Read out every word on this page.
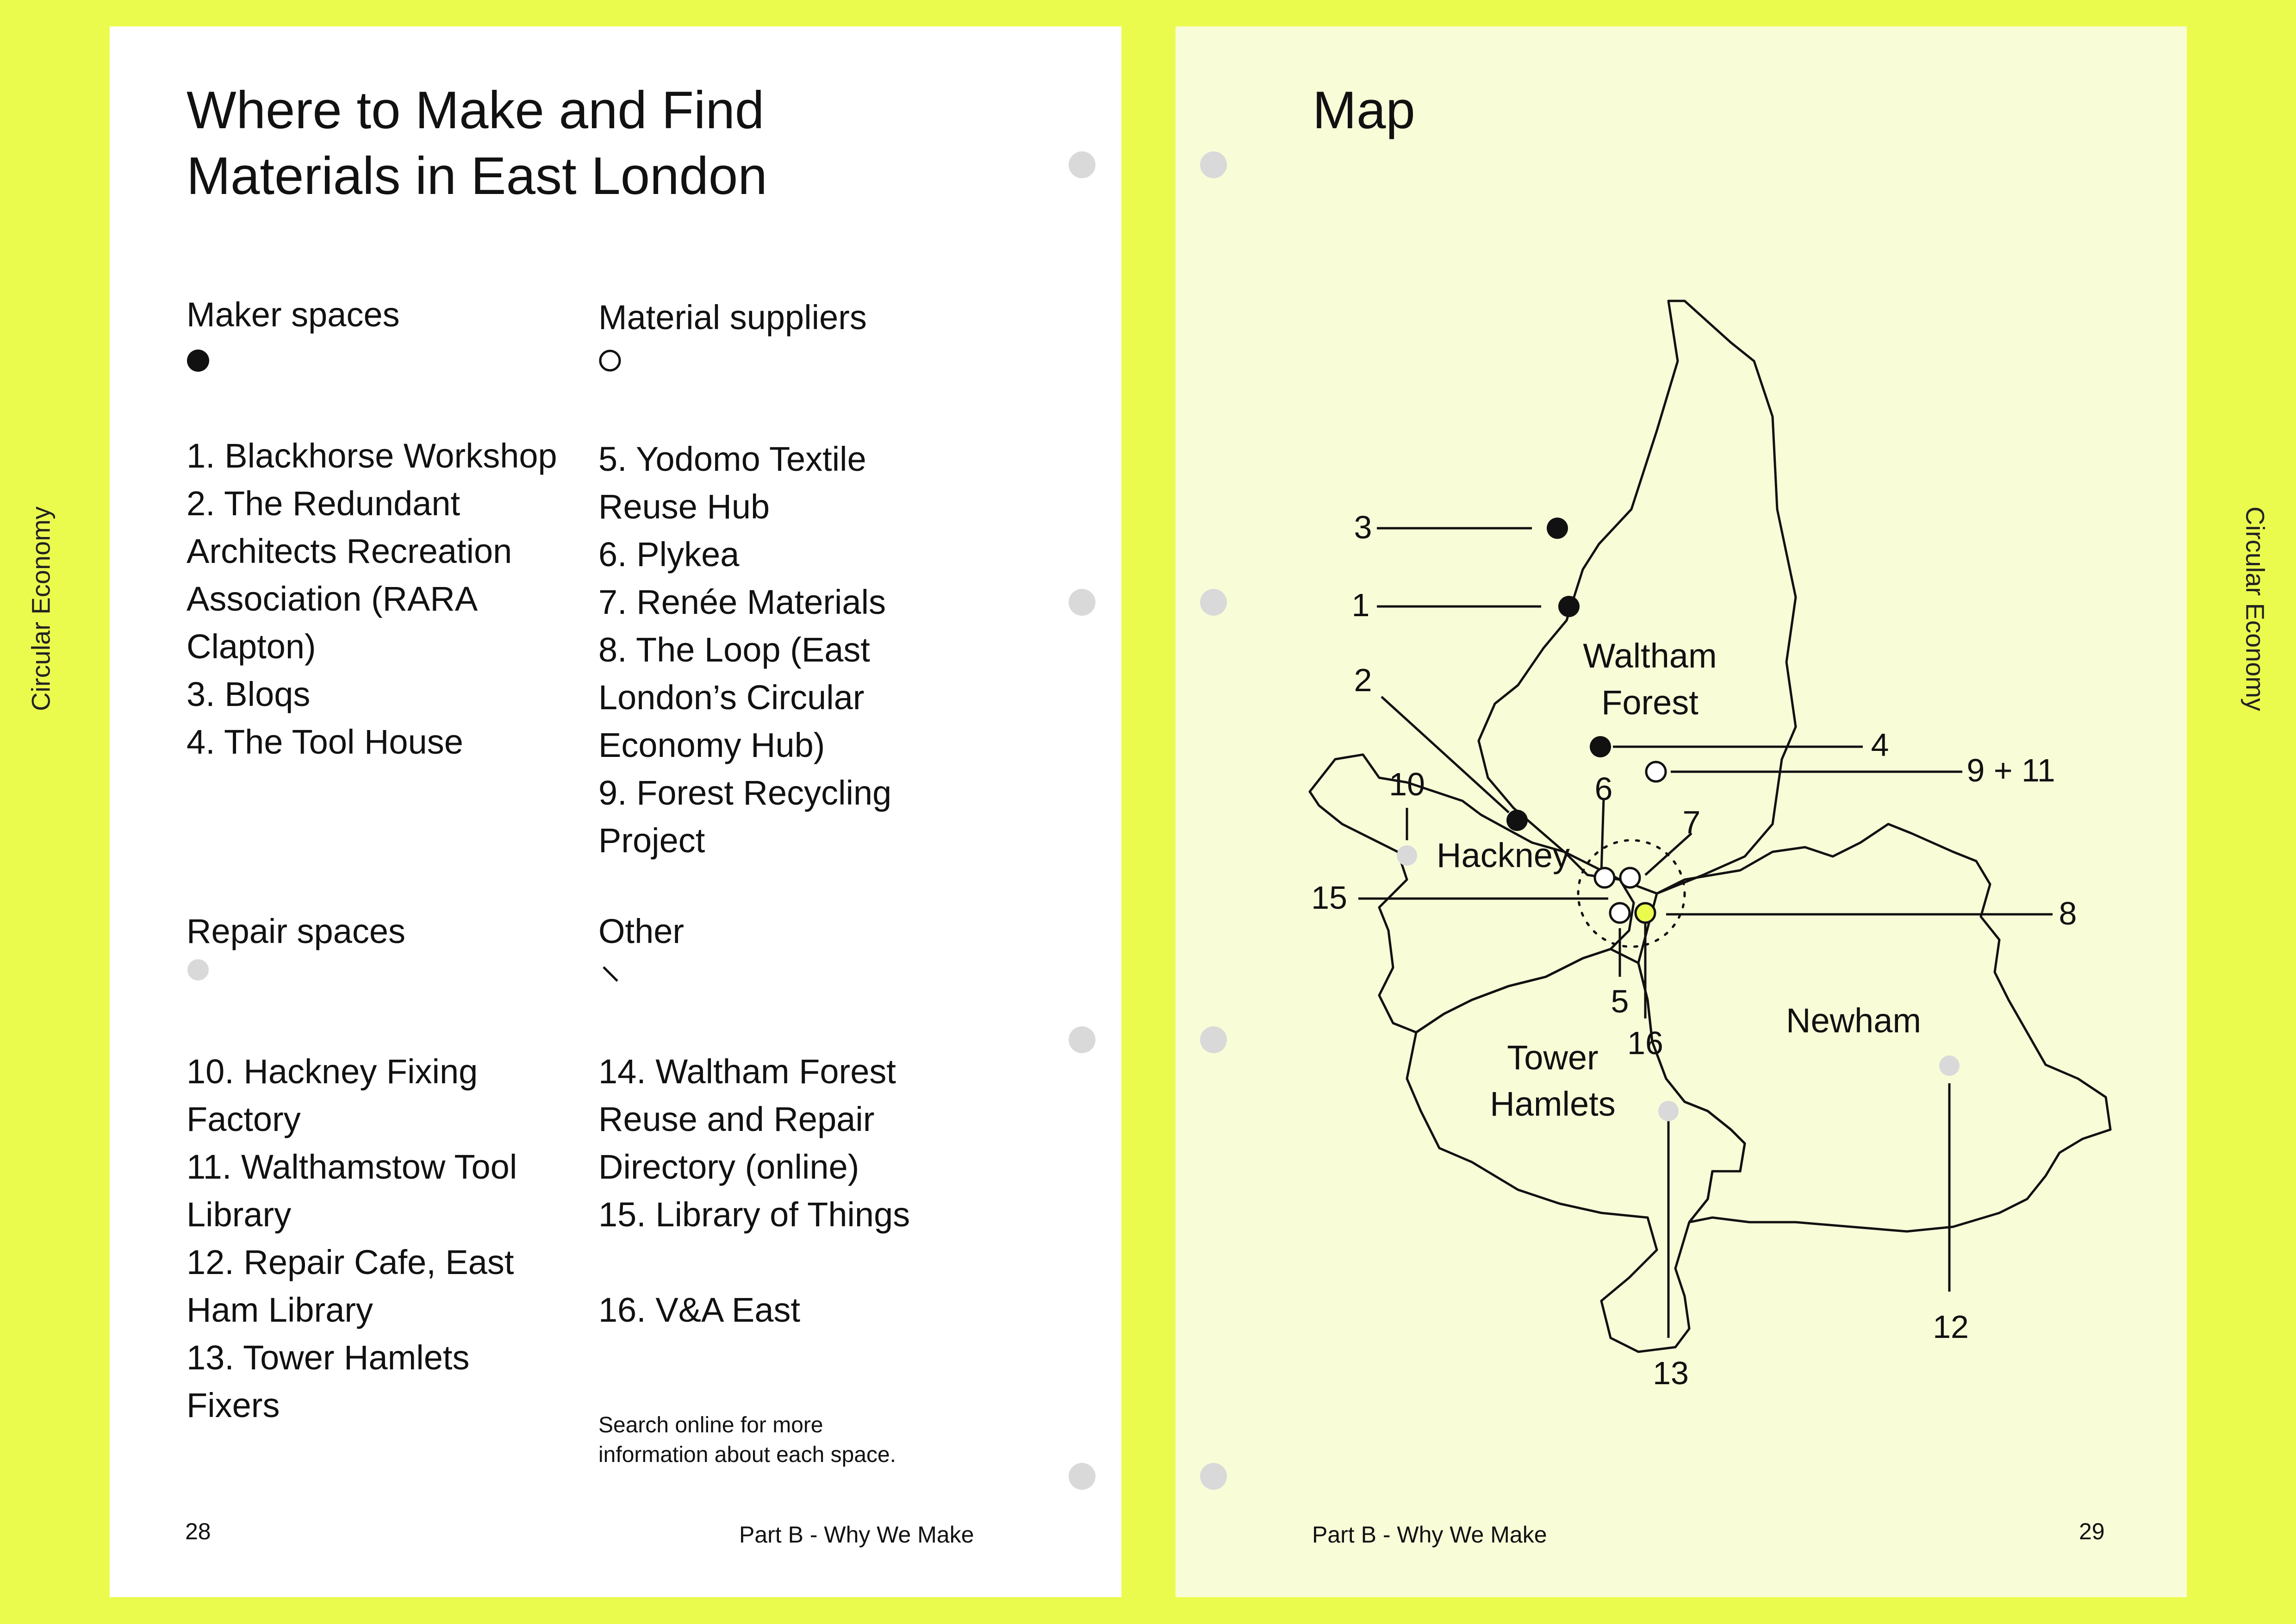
Circular Economy	Circular Economy
Where to Make and Find
Materials in East London
Maker spaces	Material suppliers
1. Blackhorse Workshop
2. The Redundant
Architects Recreation
Association (RARA
Clapton)
3. Bloqs
4. The Tool House
5. Yodomo Textile
Reuse Hub
6. Plykea
7. Renée Materials
8. The Loop (East
London’s Circular
Economy Hub)
9. Forest Recycling
Project
Repair spaces	Other
10. Hackney Fixing
Factory
11. Walthamstow Tool
Library
12. Repair Cafe, East
Ham Library
13. Tower Hamlets
Fixers
14. Waltham Forest
Reuse and Repair
Directory (online)
15. Library of Things
16. V&A East
Search online for more
information about each space.
28	Part B - Why We Make
Map
Waltham
Forest
Hackney
Tower
Hamlets
Newham
3
1
2
4
9 + 11
10	6
7
15	8
5
16
13
12
Part B - Why We Make	29
